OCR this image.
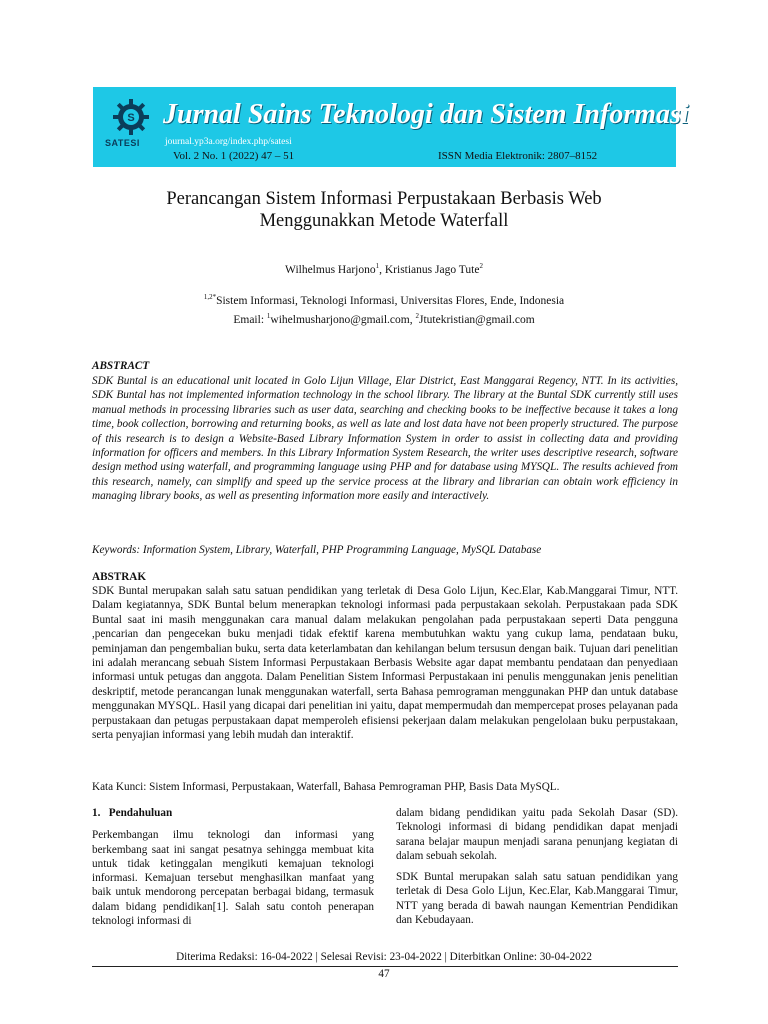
S
SATESI
Jurnal Sains Teknologi dan Sistem Informasi
journal.yp3a.org/index.php/satesi
Vol. 2 No. 1 (2022) 47 – 51	ISSN Media Elektronik: 2807–8152
Perancangan Sistem Informasi Perpustakaan Berbasis Web
Menggunakkan Metode Waterfall
Wilhelmus Harjono$^1$, Kristianus Jago Tute$^2$
$^{1,2*}$Sistem Informasi, Teknologi Informasi, Universitas Flores, Ende, Indonesia
Email: $^1$wihelmusharjono@gmail.com, $^2$Jtutekristian@gmail.com
ABSTRACT
SDK Buntal is an educational unit located in Golo Lijun Village, Elar District, East Manggarai Regency, NTT. In its activities, SDK Buntal has not implemented information technology in the school library. The library at the Buntal SDK currently still uses manual methods in processing libraries such as user data, searching and checking books to be ineffective because it takes a long time, book collection, borrowing and returning books, as well as late and lost data have not been properly structured. The purpose of this research is to design a Website-Based Library Information System in order to assist in collecting data and providing information for officers and members. In this Library Information System Research, the writer uses descriptive research, software design method using waterfall, and programming language using PHP and for database using MYSQL. The results achieved from this research, namely, can simplify and speed up the service process at the library and librarian can obtain work efficiency in managing library books, as well as presenting information more easily and interactively.
Keywords: Information System, Library, Waterfall, PHP Programming Language, MySQL Database
ABSTRAK
SDK Buntal merupakan salah satu satuan pendidikan yang terletak di Desa Golo Lijun, Kec.Elar, Kab.Manggarai Timur, NTT. Dalam kegiatannya, SDK Buntal belum menerapkan teknologi informasi pada perpustakaan sekolah. Perpustakaan pada SDK Buntal saat ini masih menggunakan cara manual dalam melakukan pengolahan pada perpustakaan seperti Data pengguna ,pencarian dan pengecekan buku menjadi tidak efektif karena membutuhkan waktu yang cukup lama, pendataan buku, peminjaman dan pengembalian buku, serta data keterlambatan dan kehilangan belum tersusun dengan baik. Tujuan dari penelitian ini adalah merancang sebuah Sistem Informasi Perpustakaan Berbasis Website agar dapat membantu pendataan dan penyediaan informasi untuk petugas dan anggota. Dalam Penelitian Sistem Informasi Perpustakaan ini penulis menggunakan jenis penelitian deskriptif, metode perancangan lunak menggunakan waterfall, serta Bahasa pemrograman menggunakan PHP dan untuk database menggunakan MYSQL. Hasil yang dicapai dari penelitian ini yaitu, dapat mempermudah dan mempercepat proses pelayanan pada perpustakaan dan petugas perpustakaan dapat memperoleh efisiensi pekerjaan dalam melakukan pengelolaan buku perpustakaan, serta penyajian informasi yang lebih mudah dan interaktif.
Kata Kunci: Sistem Informasi, Perpustakaan, Waterfall, Bahasa Pemrograman PHP, Basis Data MySQL.
1.   Pendahuluan

Perkembangan ilmu teknologi dan informasi yang berkembang saat ini sangat pesatnya sehingga membuat kita untuk tidak ketinggalan mengikuti kemajuan teknologi informasi. Kemajuan tersebut menghasilkan manfaat yang baik untuk mendorong percepatan berbagai bidang, termasuk dalam bidang pendidikan[1]. Salah satu contoh penerapan teknologi informasi di

dalam bidang pendidikan yaitu pada Sekolah Dasar (SD). Teknologi informasi di bidang pendidikan dapat menjadi sarana belajar maupun menjadi sarana penunjang kegiatan di dalam sebuah sekolah.

SDK Buntal merupakan salah satu satuan pendidikan yang terletak di Desa Golo Lijun, Kec.Elar, Kab.Manggarai Timur, NTT yang berada di bawah naungan Kementrian Pendidikan dan Kebudayaan.

Diterima Redaksi: 16-04-2022 | Selesai Revisi: 23-04-2022 | Diterbitkan Online: 30-04-2022
47
